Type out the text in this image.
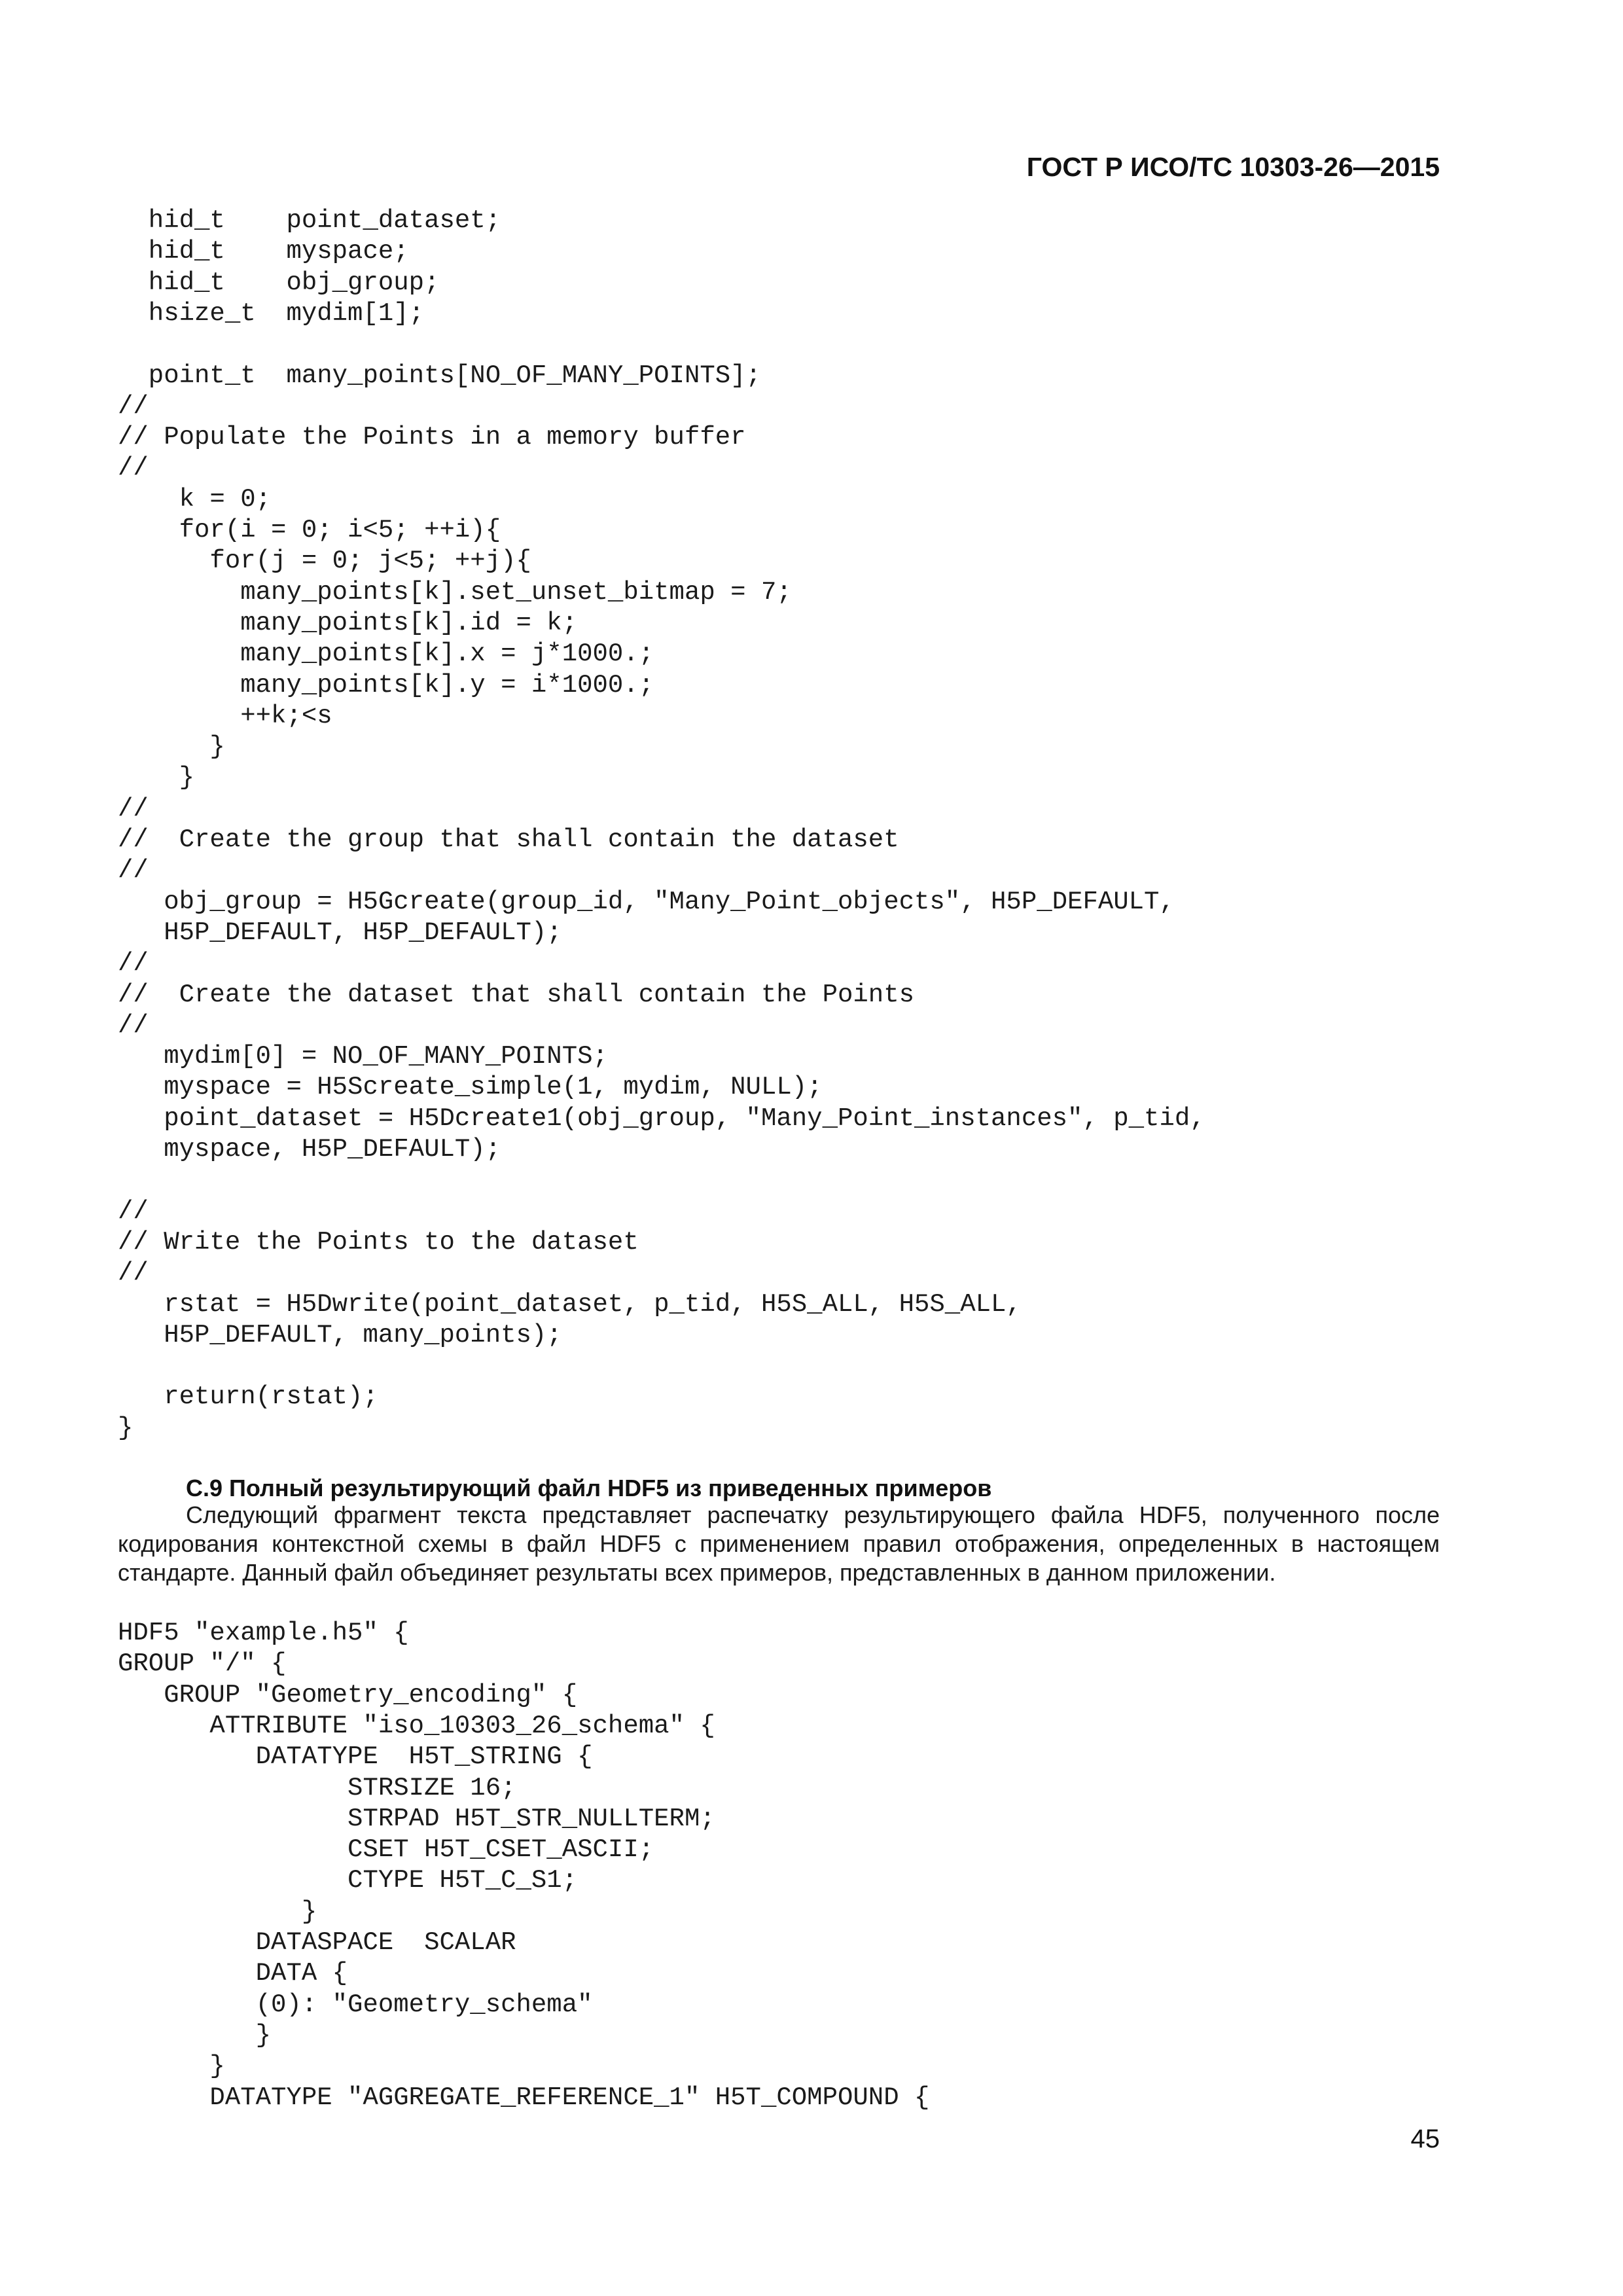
ГОСТ Р ИСО/ТС 10303-26—2015
hid_t    point_dataset;
hid_t    myspace;
hid_t    obj_group;
hsize_t  mydim[1];
point_t  many_points[NO_OF_MANY_POINTS];
//
// Populate the Points in a memory buffer
//
k = 0;
for(i = 0; i<5; ++i){
for(j = 0; j<5; ++j){
many_points[k].set_unset_bitmap = 7;
many_points[k].id = k;
many_points[k].x = j*1000.;
many_points[k].y = i*1000.;
++k;<s
}
}
//
//  Create the group that shall contain the dataset
//
obj_group = H5Gcreate(group_id, "Many_Point_objects", H5P_DEFAULT,
H5P_DEFAULT, H5P_DEFAULT);
//
//  Create the dataset that shall contain the Points
//
mydim[0] = NO_OF_MANY_POINTS;
myspace = H5Screate_simple(1, mydim, NULL);
point_dataset = H5Dcreate1(obj_group, "Many_Point_instances", p_tid,
myspace, H5P_DEFAULT);
//
// Write the Points to the dataset
//
rstat = H5Dwrite(point_dataset, p_tid, H5S_ALL, H5S_ALL,
H5P_DEFAULT, many_points);
return(rstat);
}
С.9 Полный результирующий файл HDF5 из приведенных примеров
Следующий фрагмент текста представляет распечатку результирующего файла HDF5, полученного после
кодирования контекстной схемы в файл HDF5 с применением правил отображения, определенных в настоящем
стандарте. Данный файл объединяет результаты всех примеров, представленных в данном приложении.
HDF5 "example.h5" {
GROUP "/" {
GROUP "Geometry_encoding" {
ATTRIBUTE "iso_10303_26_schema" {
DATATYPE  H5T_STRING {
STRSIZE 16;
STRPAD H5T_STR_NULLTERM;
CSET H5T_CSET_ASCII;
CTYPE H5T_C_S1;
}
DATASPACE  SCALAR
DATA {
(0): "Geometry_schema"
}
}
DATATYPE "AGGREGATE_REFERENCE_1" H5T_COMPOUND {
45
